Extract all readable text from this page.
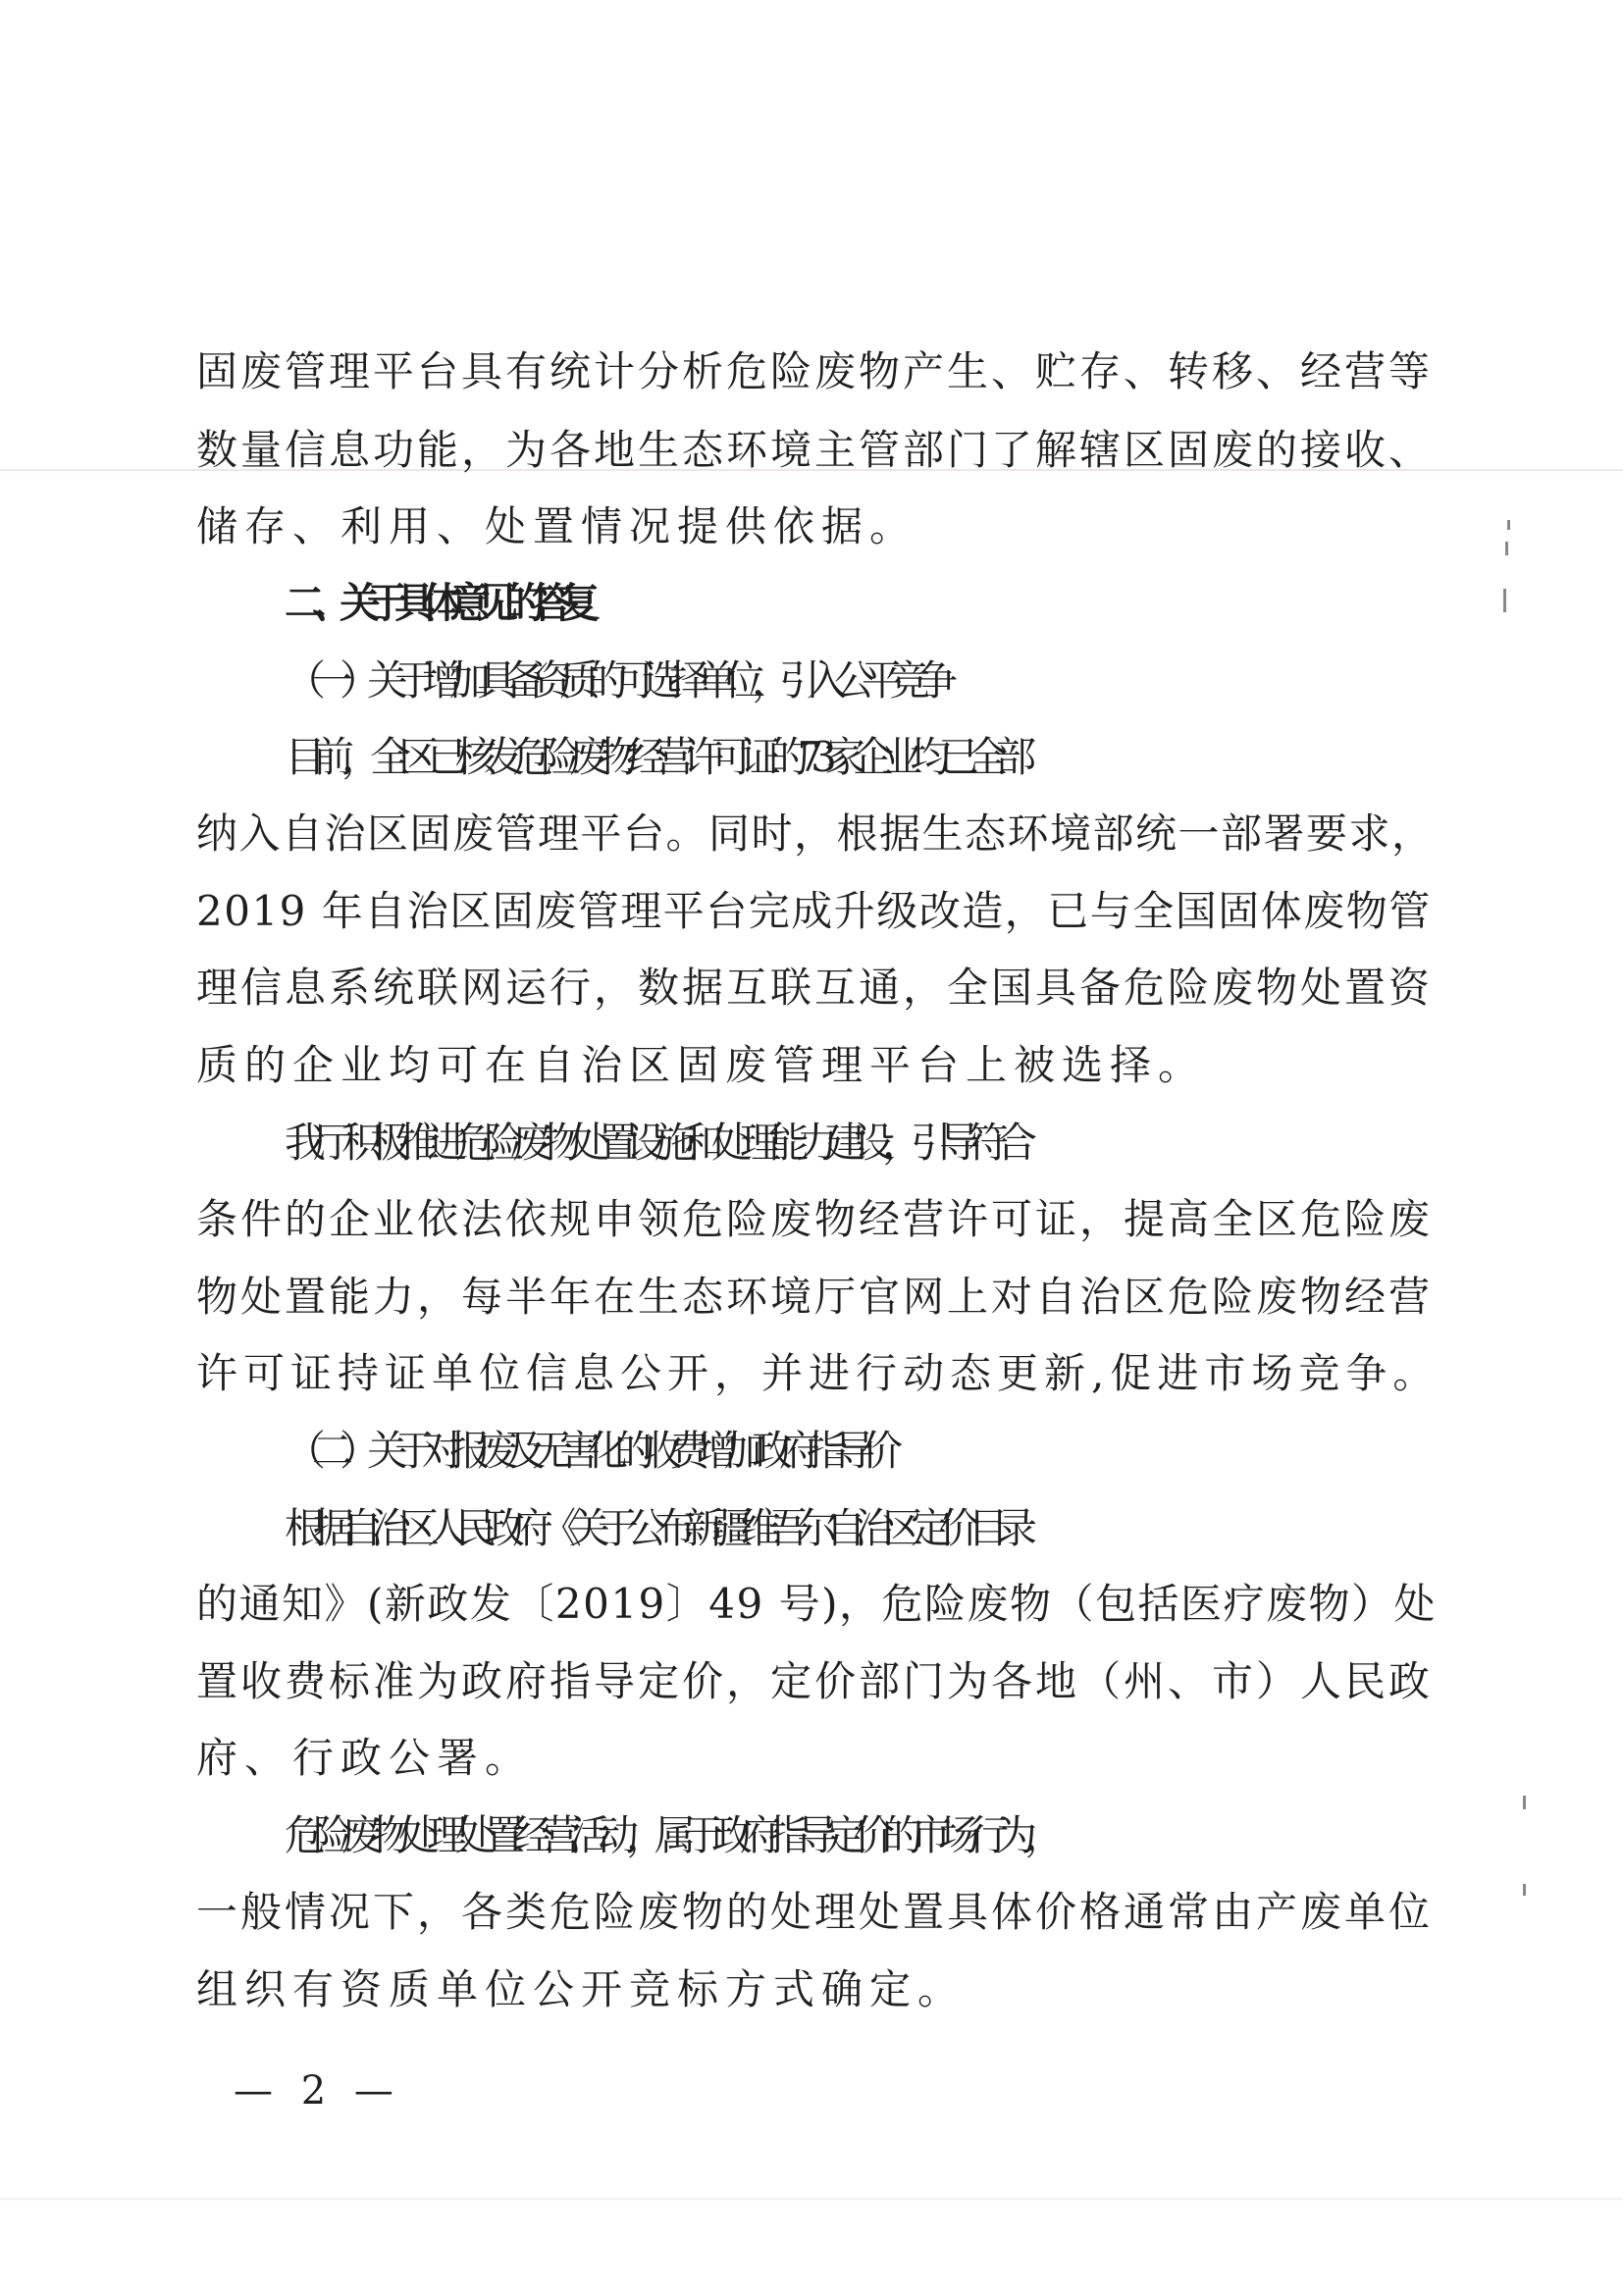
固废管理平台具有统计分析危险废物产生、贮存、转移、经营等
数量信息功能，为各地生态环境主管部门了解辖区固废的接收、
储存、利用、处置情况提供依据。
二、关于具体意见的答复
（一）关于增加具备资质的可选择单位，引入公平竞争
目前，全区已核发危险废物经营许可证的 73 家企业均已全部
纳入自治区固废管理平台。同时，根据生态环境部统一部署要求，
2019 年自治区固废管理平台完成升级改造，已与全国固体废物管
理信息系统联网运行，数据互联互通，全国具备危险废物处置资
质的企业均可在自治区固废管理平台上被选择。
我厅积极推进危险废物处置设施和处理能力建设，引导符合
条件的企业依法依规申领危险废物经营许可证，提高全区危险废
物处置能力，每半年在生态环境厅官网上对自治区危险废物经营
许可证持证单位信息公开，并进行动态更新,促进市场竞争。
（二）关于对报废及无害化的收费增加政府指导价
根据自治区人民政府《关于公布新疆维吾尔自治区定价目录
的通知》(新政发〔2019〕49 号)，危险废物（包括医疗废物）处
置收费标准为政府指导定价，定价部门为各地（州、市）人民政
府、行政公署。
危险废物处理处置经营活动，属于政府指导定价的市场行为，
一般情况下，各类危险废物的处理处置具体价格通常由产废单位
组织有资质单位公开竞标方式确定。
— 2 —
